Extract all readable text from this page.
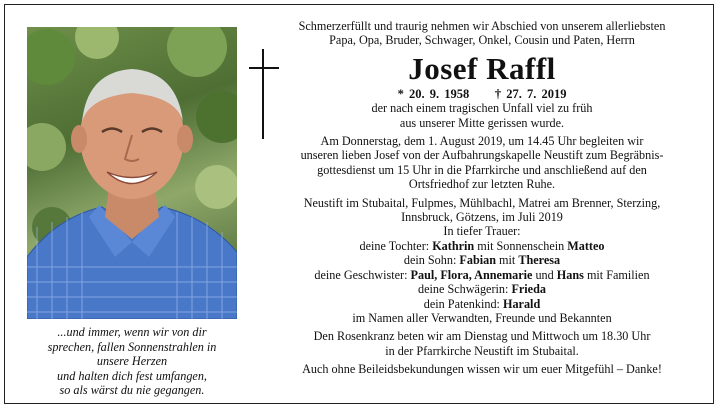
...und immer, wenn wir von dir
sprechen, fallen Sonnenstrahlen in
unsere Herzen
und halten dich fest umfangen,
so als wärst du nie gegangen.
Schmerzerfüllt und traurig nehmen wir Abschied von unserem allerliebsten
Papa, Opa, Bruder, Schwager, Onkel, Cousin und Paten, Herrn
Josef Raffl
* 20. 9. 1958 † 27. 7. 2019
der nach einem tragischen Unfall viel zu früh
aus unserer Mitte gerissen wurde.
Am Donnerstag, dem 1. August 2019, um 14.45 Uhr begleiten wir
unseren lieben Josef von der Aufbahrungskapelle Neustift zum Begräbnis-
gottesdienst um 15 Uhr in die Pfarrkirche und anschließend auf den
Ortsfriedhof zur letzten Ruhe.
Neustift im Stubaital, Fulpmes, Mühlbachl, Matrei am Brenner, Sterzing,
Innsbruck, Götzens, im Juli 2019
In tiefer Trauer:
deine Tochter: Kathrin mit Sonnenschein Matteo
dein Sohn: Fabian mit Theresa
deine Geschwister: Paul, Flora, Annemarie und Hans mit Familien
deine Schwägerin: Frieda
dein Patenkind: Harald
im Namen aller Verwandten, Freunde und Bekannten
Den Rosenkranz beten wir am Dienstag und Mittwoch um 18.30 Uhr
in der Pfarrkirche Neustift im Stubaital.
Auch ohne Beileidsbekundungen wissen wir um euer Mitgefühl – Danke!
